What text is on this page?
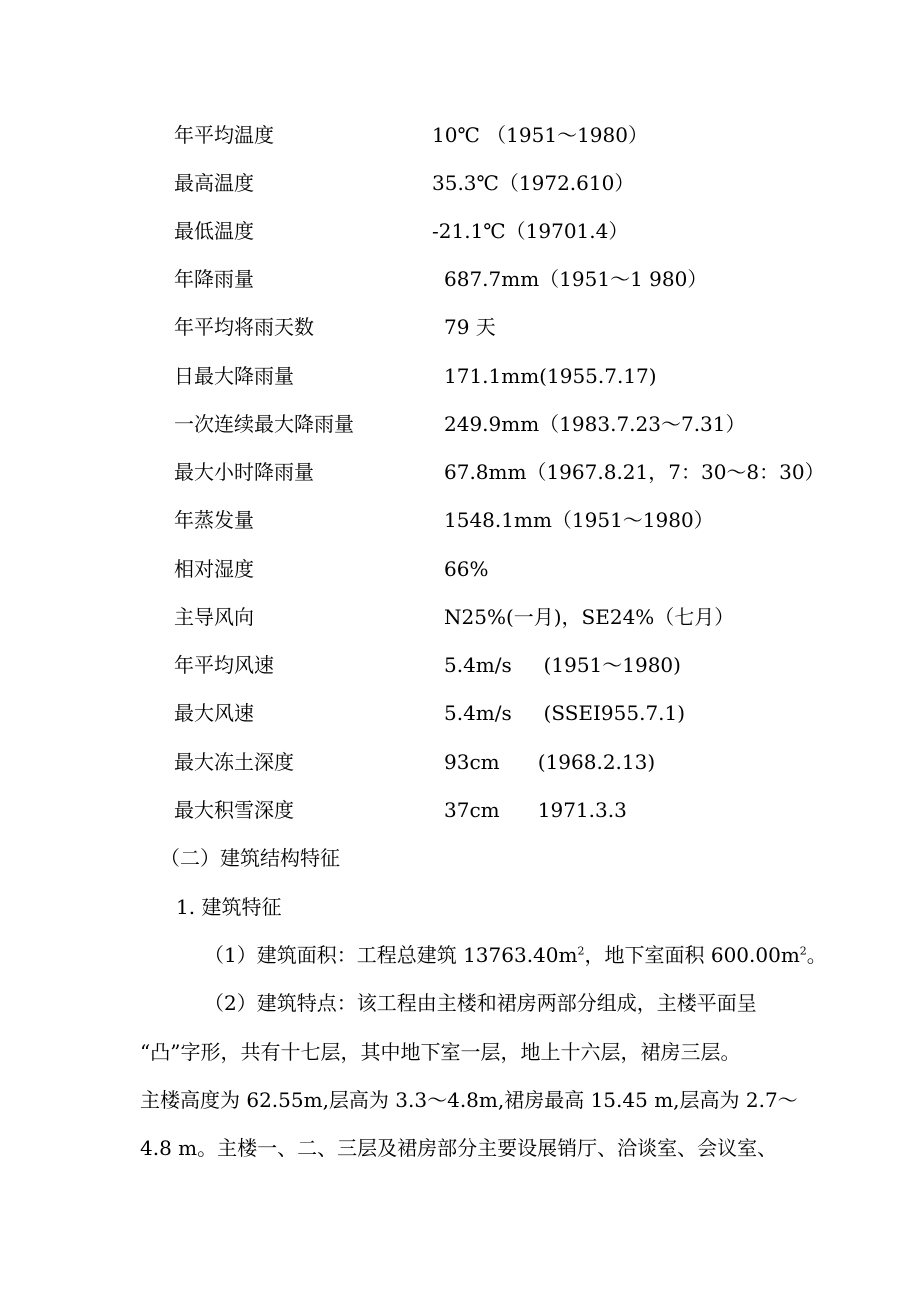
年平均温度	10℃ （1951～1980）
最高温度	35.3℃（1972.610）
最低温度	-21.1℃（19701.4）
年降雨量	687.7mm（1951～1 980）
年平均将雨天数	79 天
日最大降雨量	171.1mm(1955.7.17)
一次连续最大降雨量	249.9mm（1983.7.23～7.31）
最大小时降雨量	67.8mm（1967.8.21，7：30～8：30）
年蒸发量	1548.1mm（1951～1980）
相对湿度	66%
主导风向	N25%(一月)，SE24%（七月）
年平均风速	5.4m/s     (1951～1980)
最大风速	5.4m/s     (SSEI955.7.1)
最大冻土深度	93cm      (1968.2.13)
最大积雪深度	37cm      1971.3.3
（二）建筑结构特征
1. 建筑特征
（1）建筑面积：工程总建筑 $13763.40m^2$，地下室面积 $600.00m^2$。
（2）建筑特点：该工程由主楼和裙房两部分组成，主楼平面呈
“凸”字形，共有十七层，其中地下室一层，地上十六层，裙房三层。
主楼高度为 62.55m,层高为 3.3～4.8m,裙房最高 15.45 m,层高为 2.7～
4.8 m。主楼一、二、三层及裙房部分主要设展销厅、洽谈室、会议室、
